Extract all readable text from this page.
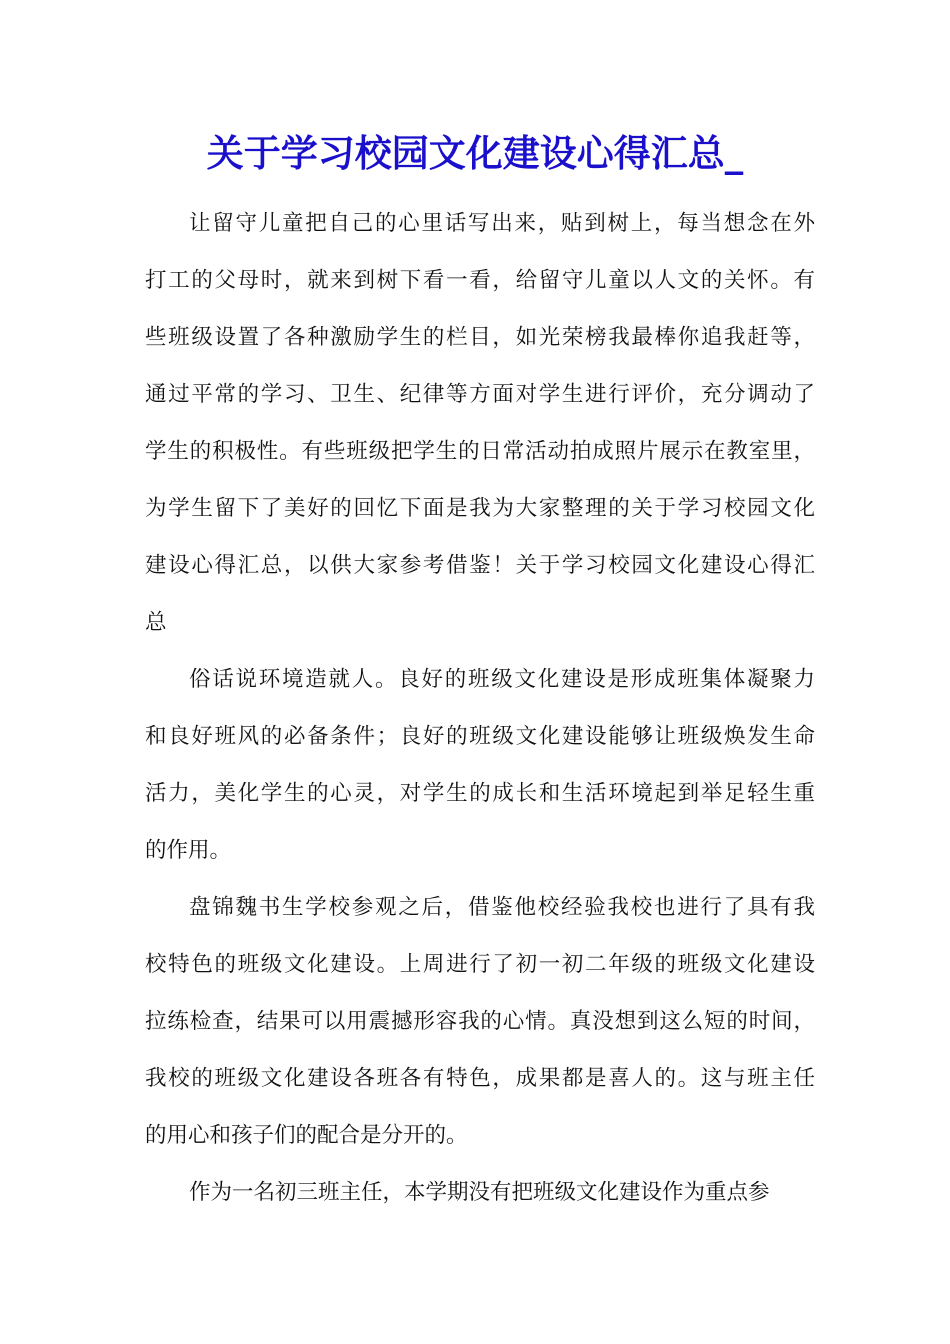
关于学习校园文化建设心得汇总_
让留守儿童把自己的心里话写出来，贴到树上，每当想念在外
打工的父母时，就来到树下看一看，给留守儿童以人文的关怀。有
些班级设置了各种激励学生的栏目，如光荣榜我最棒你追我赶等，
通过平常的学习、卫生、纪律等方面对学生进行评价，充分调动了
学生的积极性。有些班级把学生的日常活动拍成照片展示在教室里，
为学生留下了美好的回忆下面是我为大家整理的关于学习校园文化
建设心得汇总，以供大家参考借鉴！关于学习校园文化建设心得汇
总
俗话说环境造就人。良好的班级文化建设是形成班集体凝聚力
和良好班风的必备条件；良好的班级文化建设能够让班级焕发生命
活力，美化学生的心灵，对学生的成长和生活环境起到举足轻生重
的作用。
盘锦魏书生学校参观之后，借鉴他校经验我校也进行了具有我
校特色的班级文化建设。上周进行了初一初二年级的班级文化建设
拉练检查，结果可以用震撼形容我的心情。真没想到这么短的时间，
我校的班级文化建设各班各有特色，成果都是喜人的。这与班主任
的用心和孩子们的配合是分开的。
作为一名初三班主任，本学期没有把班级文化建设作为重点参
